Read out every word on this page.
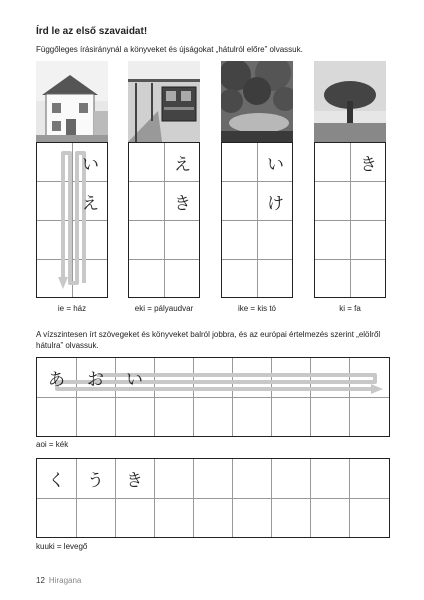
Írd le az első szavaidat!
Függőleges írásiránynál a könyveket és újságokat „hátulról előre” olvassuk.
い
え
ie = ház
え
き
eki = pályaudvar
い
け
ike = kis tó
き
ki = fa
A vízszintesen írt szövegeket és könyveket balról jobbra, és az európai értelmezés szerint „elölről hátulra” olvassuk.
あ	お	い
aoi = kék
く	う	き
kuuki = levegő
12 Hiragana
